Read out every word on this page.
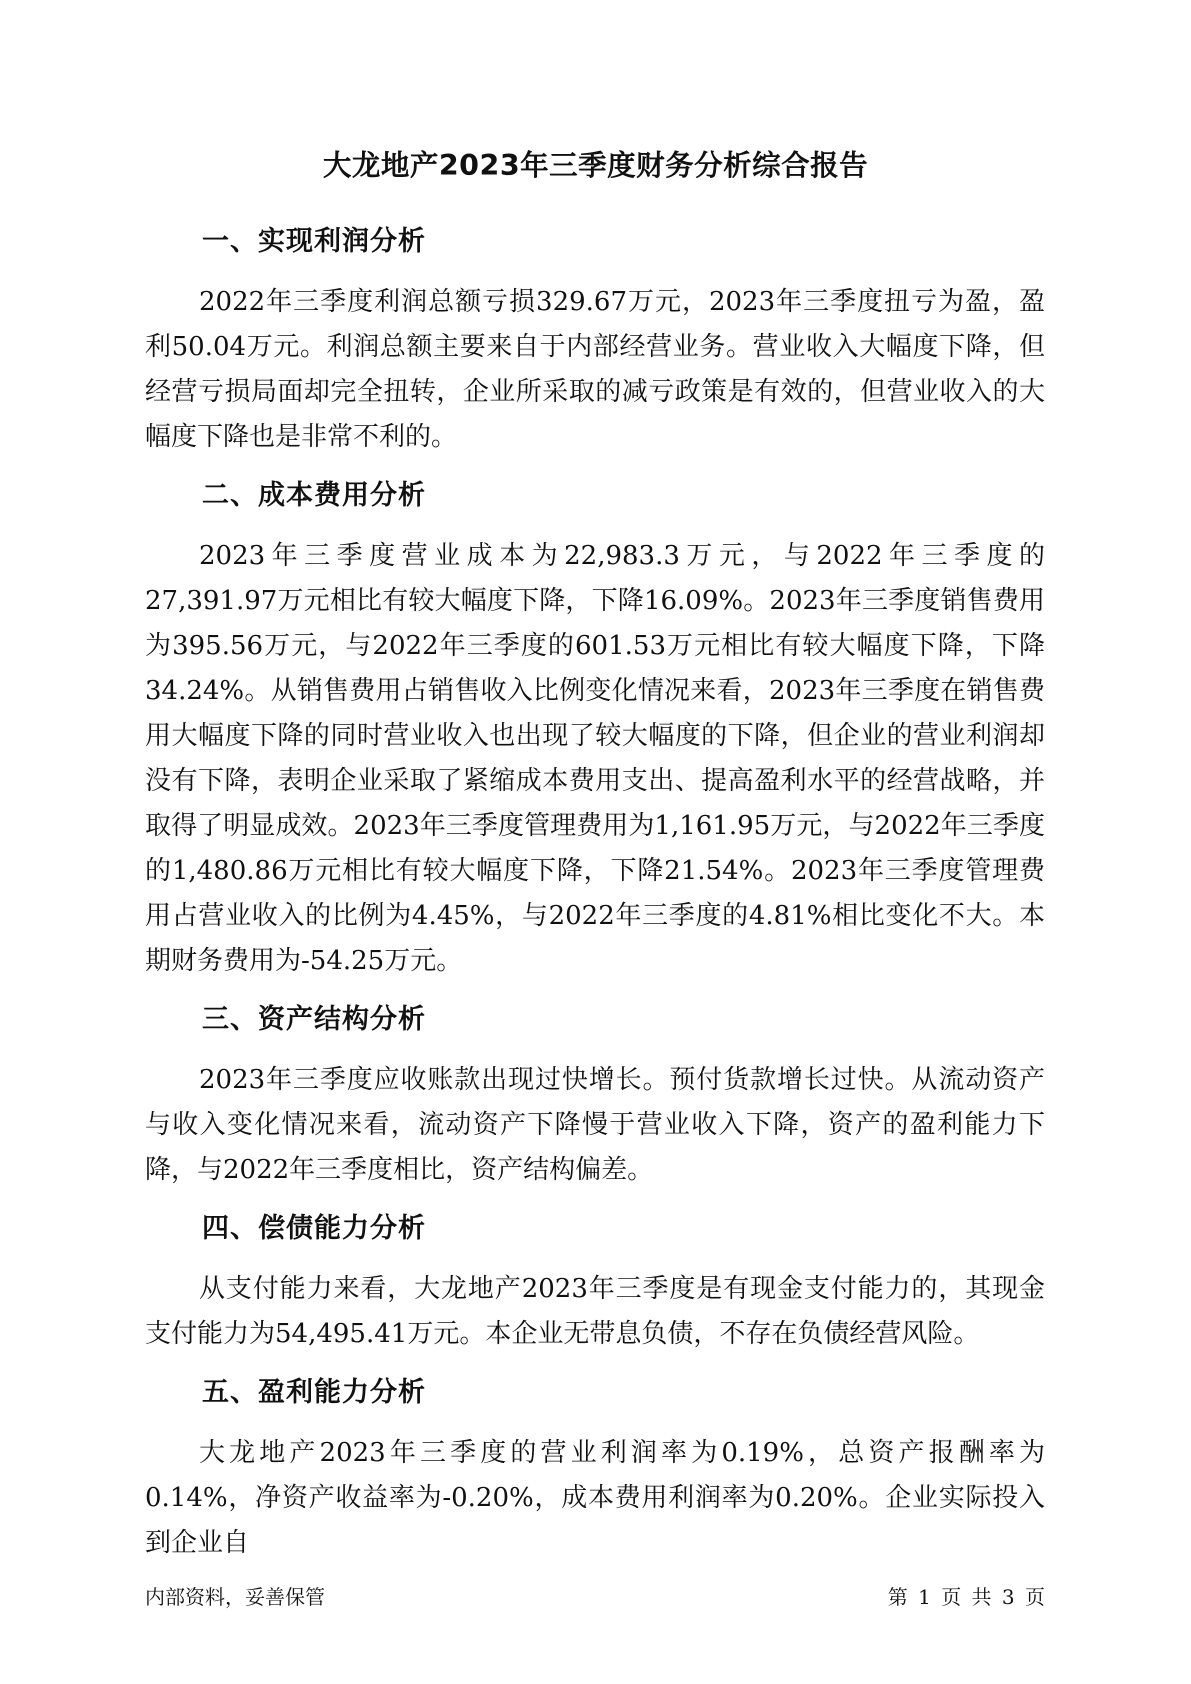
大龙地产2023年三季度财务分析综合报告
一、实现利润分析

2022年三季度利润总额亏损329.67万元，2023年三季度扭亏为盈，盈利50.04万元。利润总额主要来自于内部经营业务。营业收入大幅度下降，但经营亏损局面却完全扭转，企业所采取的减亏政策是有效的，但营业收入的大幅度下降也是非常不利的。

二、成本费用分析

2023年三季度营业成本为22,983.3万元，与2022年三季度的27,391.97万元相比有较大幅度下降，下降16.09%。2023年三季度销售费用为395.56万元，与2022年三季度的601.53万元相比有较大幅度下降，下降34.24%。从销售费用占销售收入比例变化情况来看，2023年三季度在销售费用大幅度下降的同时营业收入也出现了较大幅度的下降，但企业的营业利润却没有下降，表明企业采取了紧缩成本费用支出、提高盈利水平的经营战略，并取得了明显成效。2023年三季度管理费用为1,161.95万元，与2022年三季度的1,480.86万元相比有较大幅度下降，下降21.54%。2023年三季度管理费用占营业收入的比例为4.45%，与2022年三季度的4.81%相比变化不大。本期财务费用为-54.25万元。

三、资产结构分析

2023年三季度应收账款出现过快增长。预付货款增长过快。从流动资产与收入变化情况来看，流动资产下降慢于营业收入下降，资产的盈利能力下降，与2022年三季度相比，资产结构偏差。

四、偿债能力分析

从支付能力来看，大龙地产2023年三季度是有现金支付能力的，其现金支付能力为54,495.41万元。本企业无带息负债，不存在负债经营风险。

五、盈利能力分析

大龙地产2023年三季度的营业利润率为0.19%，总资产报酬率为0.14%，净资产收益率为-0.20%，成本费用利润率为0.20%。企业实际投入到企业自

内部资料，妥善保管	第 1 页 共 3 页
